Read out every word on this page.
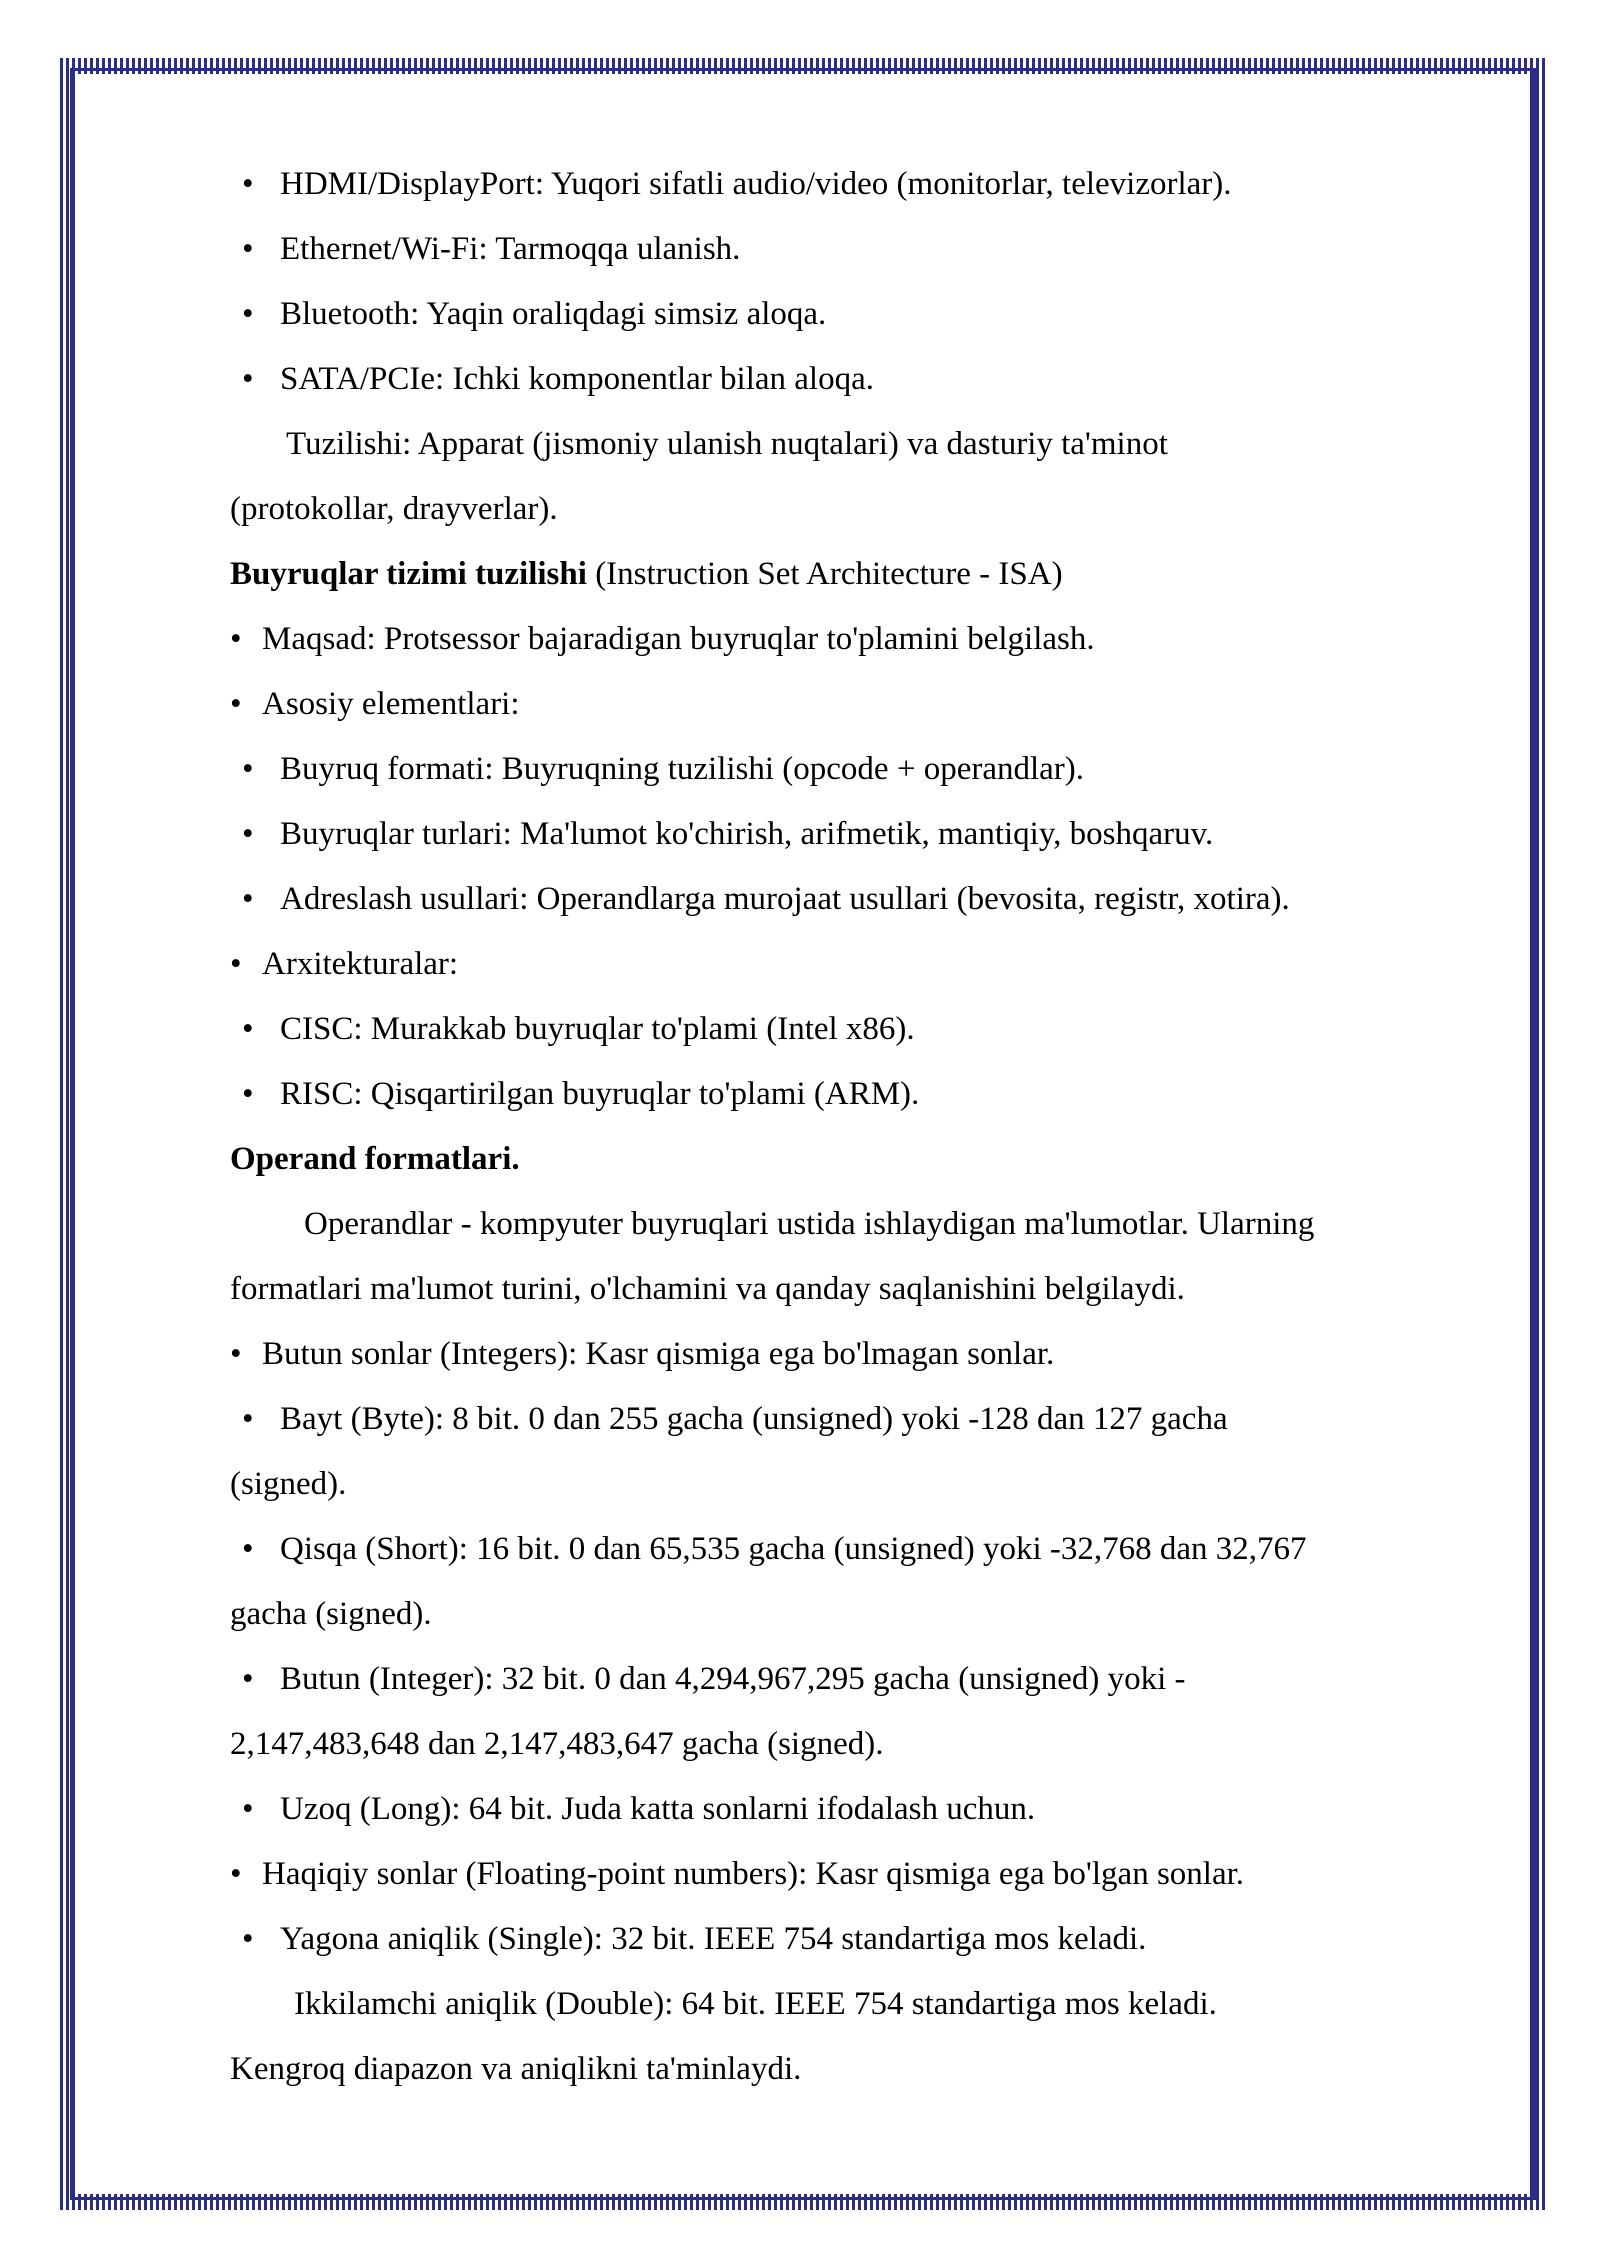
• HDMI/DisplayPort: Yuqori sifatli audio/video (monitorlar, televizorlar).
• Ethernet/Wi-Fi: Tarmoqqa ulanish.
• Bluetooth: Yaqin oraliqdagi simsiz aloqa.
• SATA/PCIe: Ichki komponentlar bilan aloqa.
Tuzilishi: Apparat (jismoniy ulanish nuqtalari) va dasturiy ta'minot
(protokollar, drayverlar).
Buyruqlar tizimi tuzilishi (Instruction Set Architecture - ISA)
• Maqsad: Protsessor bajaradigan buyruqlar to'plamini belgilash.
• Asosiy elementlari:
• Buyruq formati: Buyruqning tuzilishi (opcode + operandlar).
• Buyruqlar turlari: Ma'lumot ko'chirish, arifmetik, mantiqiy, boshqaruv.
• Adreslash usullari: Operandlarga murojaat usullari (bevosita, registr, xotira).
• Arxitekturalar:
• CISC: Murakkab buyruqlar to'plami (Intel x86).
• RISC: Qisqartirilgan buyruqlar to'plami (ARM).
Operand formatlari.
Operandlar - kompyuter buyruqlari ustida ishlaydigan ma'lumotlar. Ularning
formatlari ma'lumot turini, o'lchamini va qanday saqlanishini belgilaydi.
• Butun sonlar (Integers): Kasr qismiga ega bo'lmagan sonlar.
• Bayt (Byte): 8 bit. 0 dan 255 gacha (unsigned) yoki -128 dan 127 gacha
(signed).
• Qisqa (Short): 16 bit. 0 dan 65,535 gacha (unsigned) yoki -32,768 dan 32,767
gacha (signed).
• Butun (Integer): 32 bit. 0 dan 4,294,967,295 gacha (unsigned) yoki -
2,147,483,648 dan 2,147,483,647 gacha (signed).
• Uzoq (Long): 64 bit. Juda katta sonlarni ifodalash uchun.
• Haqiqiy sonlar (Floating-point numbers): Kasr qismiga ega bo'lgan sonlar.
• Yagona aniqlik (Single): 32 bit. IEEE 754 standartiga mos keladi.
Ikkilamchi aniqlik (Double): 64 bit. IEEE 754 standartiga mos keladi.
Kengroq diapazon va aniqlikni ta'minlaydi.
